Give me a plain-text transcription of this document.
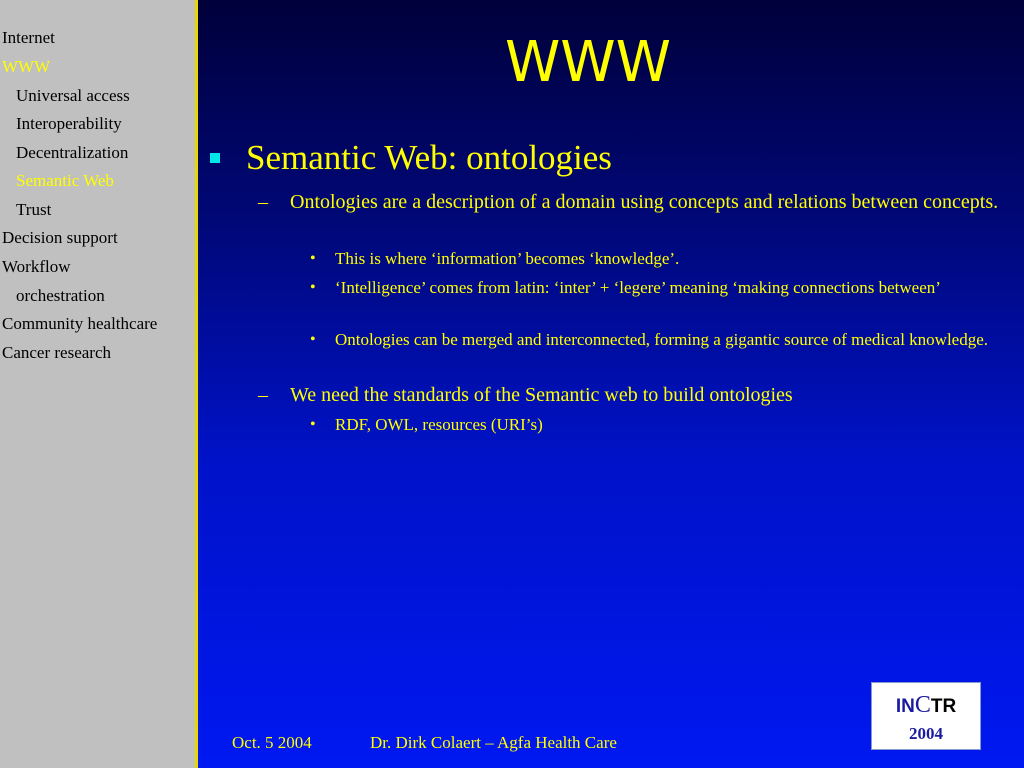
Internet
WWW
Universal access
Interoperability
Decentralization
Semantic Web
Trust
Decision support
Workflow
orchestration
Community healthcare
Cancer research
WWW
Semantic Web: ontologies
– Ontologies are a description of a domain using concepts and relations between concepts.
• This is where ‘information’ becomes ‘knowledge’.
• ‘Intelligence’ comes from latin: ‘inter’ + ‘legere’ meaning ‘making connections between’
• Ontologies can be merged and interconnected, forming a gigantic source of medical knowledge.
– We need the standards of the Semantic web to build ontologies
• RDF, OWL, resources (URI’s)
Oct. 5 2004	Dr. Dirk Colaert – Agfa Health Care
INCTR
2004
